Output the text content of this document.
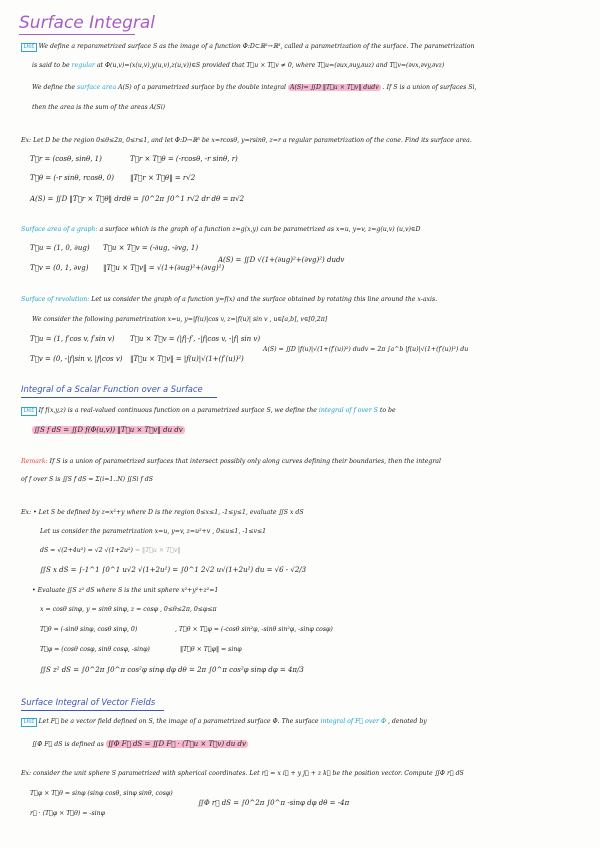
Surface Integral
Def We define a reparametrized surface S as the image of a function Φ:D⊂ℝ²→ℝ³, called a parametrization of the surface. The parametrization
is said to be regular at Φ(u,v)=(x(u,v),y(u,v),z(u,v))∈S provided that T⃗u × T⃗v ≠ 0, where T⃗u=(∂ux,∂uy,∂uz) and T⃗v=(∂vx,∂vy,∂vz)
We define the surface area A(S) of a parametrized surface by the double integral A(S)= ∬D ‖T⃗u × T⃗v‖ dudv . If S is a union of surfaces Si,
then the area is the sum of the areas A(Si)
Ex: Let D be the region 0≤θ≤2π, 0≤r≤1, and let Φ:D→ℝ³ be x=rcosθ, y=rsinθ, z=r a regular parametrization of the cone. Find its surface area.
T⃗r = (cosθ, sinθ, 1)	T⃗r × T⃗θ = (-rcosθ, -r sinθ, r)
T⃗θ = (-r sinθ, rcosθ, 0) ‖T⃗r × T⃗θ‖ = r√2
A(S) = ∬D ‖T⃗r × T⃗θ‖ drdθ = ∫0^2π ∫0^1 r√2 dr dθ = π√2
Surface area of a graph: a surface which is the graph of a function z=g(x,y) can be parametrized as x=u, y=v, z=g(u,v) (u,v)∈D
T⃗u = (1, 0, ∂ug) T⃗u × T⃗v = (-∂ug, -∂vg, 1)
T⃗v = (0, 1, ∂vg) ‖T⃗u × T⃗v‖ = √(1+(∂ug)²+(∂vg)²)
A(S) = ∬D √(1+(∂ug)²+(∂vg)²) dudv
Surface of revolution: Let us consider the graph of a function y=f(x) and the surface obtained by rotating this line around the x-axis.
We consider the following parametrization x=u, y=|f(u)|cos v, z=|f(u)| sin v , u∈[a,b], v∈[0,2π]
T⃗u = (1, f′cos v, f′sin v) T⃗u × T⃗v = (|f|·f′, -|f|cos v, -|f| sin v)
T⃗v = (0, -|f|sin v, |f|cos v) ‖T⃗u × T⃗v‖ = |f(u)|√(1+(f′(u))²)
A(S) = ∬D |f(u)|√(1+(f′(u))²) dudv = 2π ∫a^b |f(u)|√(1+(f′(u))²) du
Integral of a Scalar Function over a Surface
Def If f(x,y,z) is a real-valued continuous function on a parametrized surface S, we define the integral of f over S to be
∬S f dS = ∬D f(Φ(u,v)) ‖T⃗u × T⃗v‖ du dv
Remark: If S is a union of parametrized surfaces that intersect possibly only along curves defining their boundaries, then the integral
of f over S is ∬S f dS = Σ(i=1..N) ∬Si f dS
Ex: • Let S be defined by z=x²+y where D is the region 0≤x≤1, -1≤y≤1, evaluate ∬S x dS
Let us consider the parametrization x=u, y=v, z=u²+v , 0≤u≤1, -1≤v≤1
dS = √(2+4u²) = √2 √(1+2u²) = ‖T⃗u × T⃗v‖
∬S x dS = ∫-1^1 ∫0^1 u√2 √(1+2u²) = ∫0^1 2√2 u√(1+2u²) du = √6 - √2/3
• Evaluate ∬S z² dS where S is the unit sphere x²+y²+z²=1
x = cosθ sinφ, y = sinθ sinφ, z = cosφ , 0≤θ≤2π, 0≤φ≤π
T⃗θ = (-sinθ sinφ, cosθ sinφ, 0)	, T⃗θ × T⃗φ = (-cosθ sin²φ, -sinθ sin²φ, -sinφ cosφ)
T⃗φ = (cosθ cosφ, sinθ cosφ, -sinφ)	‖T⃗θ × T⃗φ‖ = sinφ
∬S z² dS = ∫0^2π ∫0^π cos²φ sinφ dφ dθ = 2π ∫0^π cos²φ sinφ dφ = 4π/3
Surface Integral of Vector Fields
Def Let F⃗ be a vector field defined on S, the image of a parametrized surface Φ. The surface integral of F⃗ over Φ , denoted by
∬Φ F⃗ dS is defined as ∬Φ F⃗ dS = ∬D F⃗ · (T⃗u × T⃗v) du dv
Ex: consider the unit sphere S parametrized with spherical coordinates. Let r⃗ = x i⃗ + y j⃗ + z k⃗ be the position vector. Compute ∬Φ r⃗ dS
T⃗φ × T⃗θ = sinφ (sinφ cosθ, sinφ sinθ, cosφ)
r⃗ · (T⃗φ × T⃗θ) = -sinφ
∬Φ r⃗ dS = ∫0^2π ∫0^π -sinφ dφ dθ = -4π
